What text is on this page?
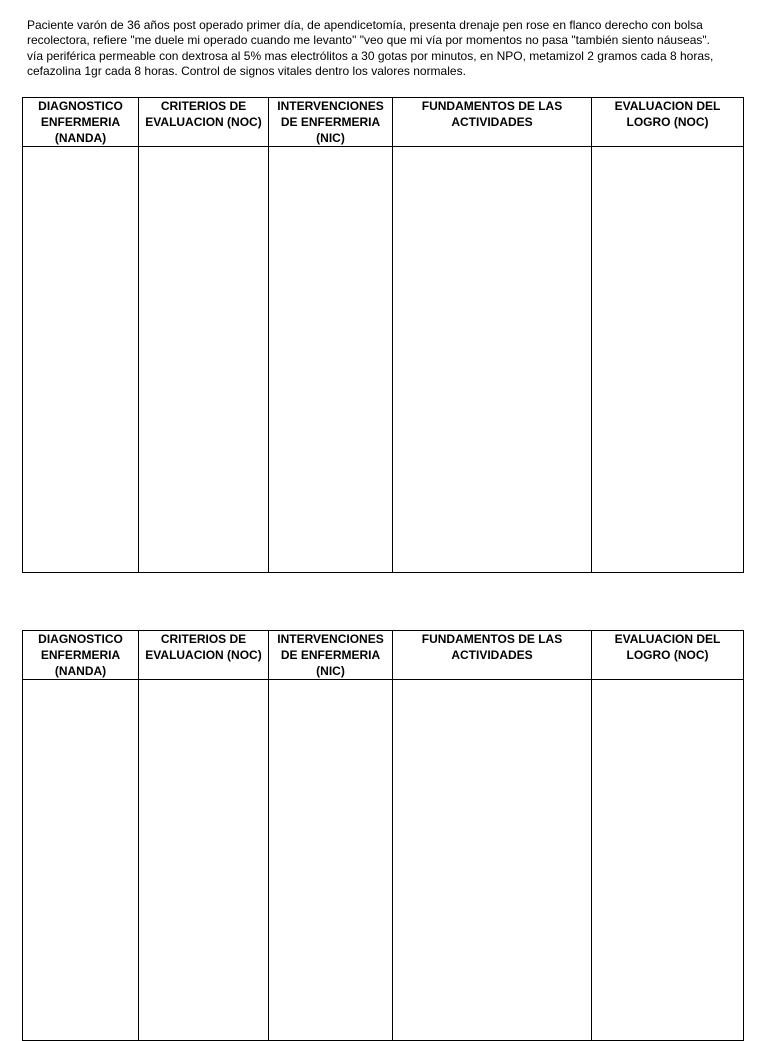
Paciente varón de 36 años post operado primer día, de apendicetomía, presenta drenaje pen rose en flanco derecho con bolsa
recolectora, refiere "me duele mi operado cuando me levanto" "veo que mi vía por momentos no pasa "también siento náuseas".
vía periférica permeable con dextrosa al 5% mas electrólitos a 30 gotas por minutos, en NPO, metamizol 2 gramos cada 8 horas,
cefazolina 1gr cada 8 horas. Control de signos vitales dentro los valores normales.
DIAGNOSTICO
ENFERMERIA
(NANDA)	CRITERIOS DE
EVALUACION (NOC)	INTERVENCIONES
DE ENFERMERIA
(NIC)	FUNDAMENTOS DE LAS
ACTIVIDADES	EVALUACION DEL
LOGRO (NOC)

DIAGNOSTICO
ENFERMERIA
(NANDA)	CRITERIOS DE
EVALUACION (NOC)	INTERVENCIONES
DE ENFERMERIA
(NIC)	FUNDAMENTOS DE LAS
ACTIVIDADES	EVALUACION DEL
LOGRO (NOC)
